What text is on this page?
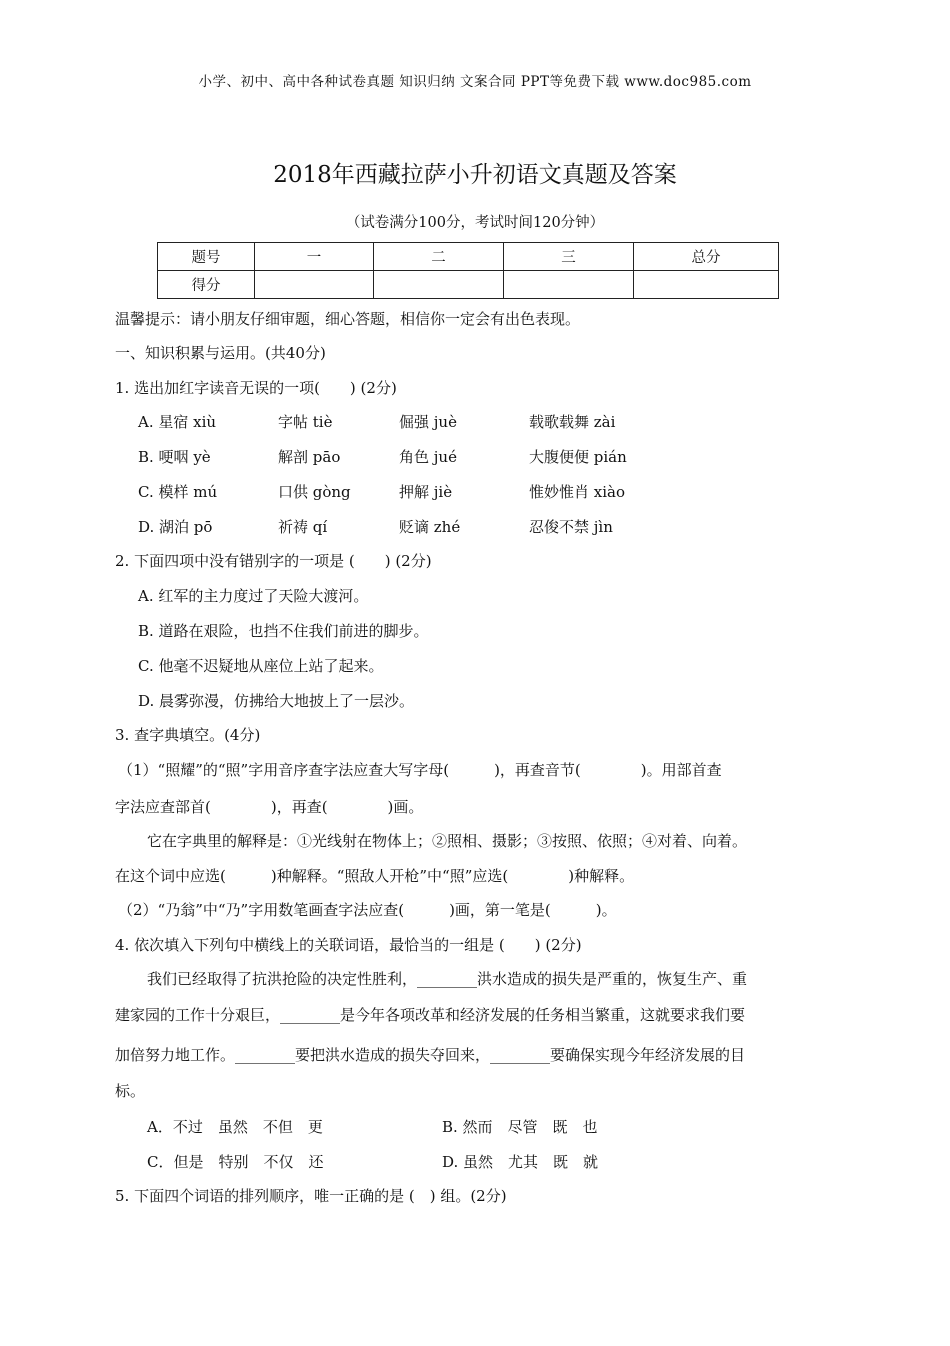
小学、初中、高中各种试卷真题 知识归纳 文案合同 PPT等免费下载 www.doc985.com
2018年西藏拉萨小升初语文真题及答案
（试卷满分100分，考试时间120分钟）
题号	一	二	三	总分
得分				
温馨提示：请小朋友仔细审题，细心答题，相信你一定会有出色表现。
一、知识积累与运用。(共40分)
1. 选出加红字读音无误的一项(　　) (2分)
A. 星宿 xiù	字帖 tiè	倔强 juè	载歌载舞 zài
B. 哽咽 yè	解剖 pāo	角色 jué	大腹便便 pián
C. 模样 mú	口供 gòng	押解 jiè	惟妙惟肖 xiào
D. 湖泊 pō	祈祷 qí	贬谪 zhé	忍俊不禁 jìn
2. 下面四项中没有错别字的一项是 (　　) (2分)
A. 红军的主力度过了天险大渡河。
B. 道路在艰险，也挡不住我们前进的脚步。
C. 他毫不迟疑地从座位上站了起来。
D. 晨雾弥漫，仿拂给大地披上了一层沙。
3. 查字典填空。(4分)
（1）“照耀”的“照”字用音序查字法应查大写字母(　　　)，再查音节(　　　　)。用部首查
字法应查部首(　　　　)，再查(　　　　)画。
它在字典里的解释是：①光线射在物体上；②照相、摄影；③按照、依照；④对着、向着。
在这个词中应选(　　　)种解释。“照敌人开枪”中“照”应选(　　　　)种解释。
（2）“乃翁”中“乃”字用数笔画查字法应查(　　　)画，第一笔是(　　　)。
4. 依次填入下列句中横线上的关联词语，最恰当的一组是 (　　) (2分)
我们已经取得了抗洪抢险的决定性胜利，________洪水造成的损失是严重的，恢复生产、重
建家园的工作十分艰巨，________是今年各项改革和经济发展的任务相当繁重，这就要求我们要
加倍努力地工作。________要把洪水造成的损失夺回来，________要确保实现今年经济发展的目
标。
A．不过　虽然　不但　更	B. 然而　尽管　既　也
C．但是　特别　不仅　还	D. 虽然　尤其　既　就
5. 下面四个词语的排列顺序，唯一正确的是 (　) 组。(2分)
